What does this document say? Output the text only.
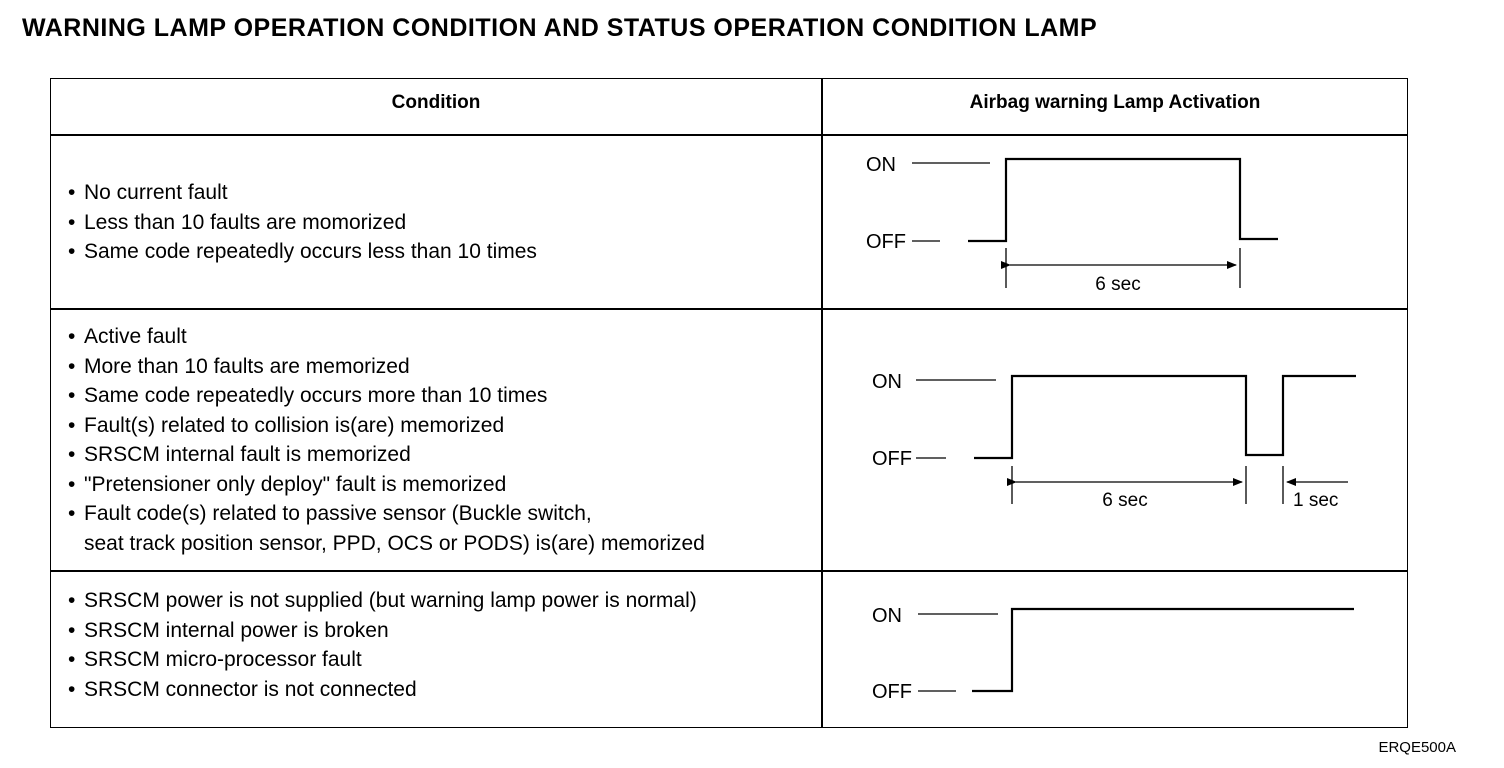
WARNING LAMP OPERATION CONDITION AND STATUS OPERATION CONDITION LAMP
Condition	Airbag warning Lamp Activation
• No current fault
• Less than 10 faults are momorized
• Same code repeatedly occurs less than 10 times
• Active fault
• More than 10 faults are memorized
• Same code repeatedly occurs more than 10 times
• Fault(s) related to collision is(are) memorized
• SRSCM internal fault is memorized
• "Pretensioner only deploy" fault is memorized
• Fault code(s) related to passive sensor (Buckle switch,
seat track position sensor, PPD, OCS or PODS) is(are) memorized
• SRSCM power is not supplied (but warning lamp power is normal)
• SRSCM internal power is broken
• SRSCM micro-processor fault
• SRSCM connector is not connected
ON
OFF
6 sec
ON
OFF
6 sec	1 sec
ON
OFF
ERQE500A
